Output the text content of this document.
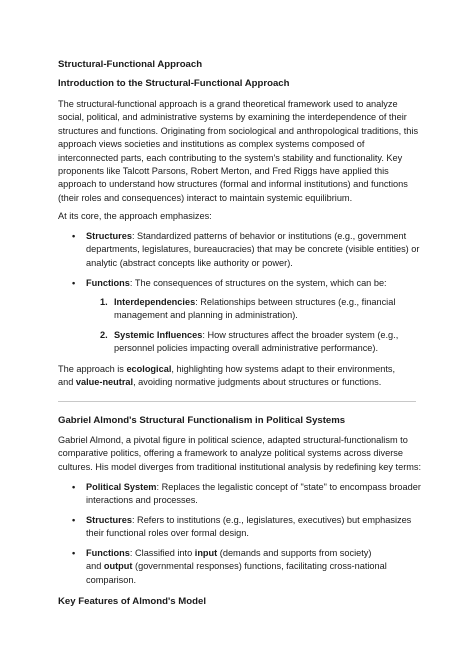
Structural-Functional Approach

Introduction to the Structural-Functional Approach

The structural-functional approach is a grand theoretical framework used to analyze social, political, and administrative systems by examining the interdependence of their structures and functions. Originating from sociological and anthropological traditions, this approach views societies and institutions as complex systems composed of interconnected parts, each contributing to the system's stability and functionality. Key proponents like Talcott Parsons, Robert Merton, and Fred Riggs have applied this approach to understand how structures (formal and informal institutions) and functions (their roles and consequences) interact to maintain systemic equilibrium.

At its core, the approach emphasizes:

• Structures: Standardized patterns of behavior or institutions (e.g., government departments, legislatures, bureaucracies) that may be concrete (visible entities) or analytic (abstract concepts like authority or power).
• Functions: The consequences of structures on the system, which can be:
1. Interdependencies: Relationships between structures (e.g., financial management and planning in administration).
2. Systemic Influences: How structures affect the broader system (e.g., personnel policies impacting overall administrative performance).

The approach is ecological, highlighting how systems adapt to their environments,
and value-neutral, avoiding normative judgments about structures or functions.

Gabriel Almond's Structural Functionalism in Political Systems

Gabriel Almond, a pivotal figure in political science, adapted structural-functionalism to comparative politics, offering a framework to analyze political systems across diverse cultures. His model diverges from traditional institutional analysis by redefining key terms:

• Political System: Replaces the legalistic concept of "state" to encompass broader interactions and processes.
• Structures: Refers to institutions (e.g., legislatures, executives) but emphasizes their functional roles over formal design.
• Functions: Classified into input (demands and supports from society)
and output (governmental responses) functions, facilitating cross-national comparison.

Key Features of Almond's Model
